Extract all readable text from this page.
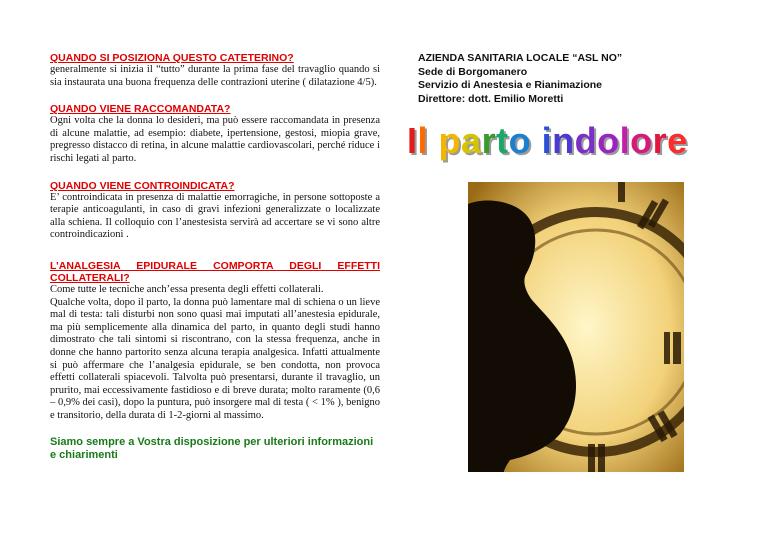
QUANDO SI POSIZIONA QUESTO CATETERINO?

generalmente si inizia il “tutto” durante la prima fase del travaglio quando si sia instaurata una buona frequenza delle contrazioni uterine ( dilatazione 4/5).

QUANDO VIENE RACCOMANDATA?

Ogni volta che la donna lo desideri, ma può essere raccomandata in presenza di alcune malattie, ad esempio: diabete, ipertensione, gestosi, miopia grave, pregresso distacco di retina, in alcune malattie cardiovascolari, perché riduce i rischi legati al parto.

QUANDO VIENE CONTROINDICATA?

E’ controindicata in presenza di malattie emorragiche, in persone sottoposte a terapie anticoagulanti, in caso di gravi infezioni generalizzate o localizzate alla schiena. Il colloquio con l’anestesista servirà ad accertare se vi sono altre controindicazioni .

L’ANALGESIA EPIDURALE COMPORTA DEGLI EFFETTI COLLATERALI?

Come tutte le tecniche anch’essa presenta degli effetti collaterali.

Qualche volta, dopo il parto, la donna può lamentare mal di schiena o un lieve mal di testa: tali disturbi non sono quasi mai imputati all’anestesia epidurale, ma più semplicemente alla dinamica del parto, in quanto degli studi hanno dimostrato che tali sintomi si riscontrano, con la stessa frequenza, anche in donne che hanno partorito senza alcuna terapia analgesica. Infatti attualmente si può affermare che l’analgesia epidurale, se ben condotta, non provoca effetti collaterali spiacevoli. Talvolta può presentarsi, durante il travaglio, un prurito, mai eccessivamente fastidioso e di breve durata; molto raramente (0,6 – 0,9% dei casi), dopo la puntura, può insorgere mal di testa ( < 1% ), benigno e transitorio, della durata di 1-2-giorni al massimo.

Siamo sempre a Vostra disposizione per ulteriori informazioni e chiarimenti

AZIENDA SANITARIA LOCALE “ASL NO”

Sede di Borgomanero

Servizio di Anestesia e Rianimazione

Direttore: dott. Emilio Moretti

Il parto indolore
